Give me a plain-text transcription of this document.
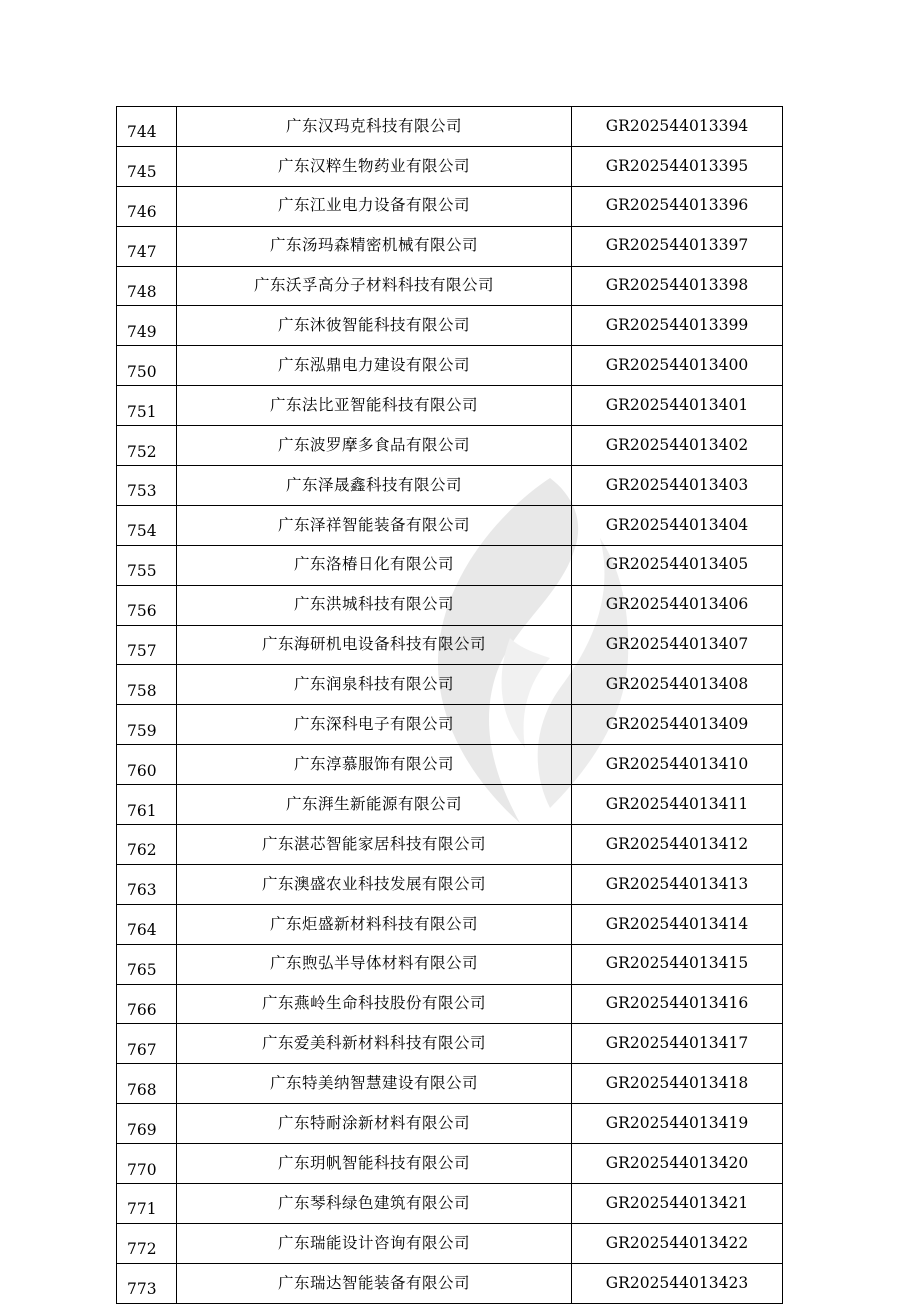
744	广东汉玛克科技有限公司	GR202544013394
745	广东汉粹生物药业有限公司	GR202544013395
746	广东江业电力设备有限公司	GR202544013396
747	广东汤玛森精密机械有限公司	GR202544013397
748	广东沃孚高分子材料科技有限公司	GR202544013398
749	广东沐彼智能科技有限公司	GR202544013399
750	广东泓鼎电力建设有限公司	GR202544013400
751	广东法比亚智能科技有限公司	GR202544013401
752	广东波罗摩多食品有限公司	GR202544013402
753	广东泽晟鑫科技有限公司	GR202544013403
754	广东泽祥智能装备有限公司	GR202544013404
755	广东洛椿日化有限公司	GR202544013405
756	广东洪城科技有限公司	GR202544013406
757	广东海研机电设备科技有限公司	GR202544013407
758	广东润泉科技有限公司	GR202544013408
759	广东深科电子有限公司	GR202544013409
760	广东淳慕服饰有限公司	GR202544013410
761	广东湃生新能源有限公司	GR202544013411
762	广东湛芯智能家居科技有限公司	GR202544013412
763	广东澳盛农业科技发展有限公司	GR202544013413
764	广东炬盛新材料科技有限公司	GR202544013414
765	广东煦弘半导体材料有限公司	GR202544013415
766	广东燕岭生命科技股份有限公司	GR202544013416
767	广东爱美科新材料科技有限公司	GR202544013417
768	广东特美纳智慧建设有限公司	GR202544013418
769	广东特耐涂新材料有限公司	GR202544013419
770	广东玥帆智能科技有限公司	GR202544013420
771	广东琴科绿色建筑有限公司	GR202544013421
772	广东瑞能设计咨询有限公司	GR202544013422
773	广东瑞达智能装备有限公司	GR202544013423
